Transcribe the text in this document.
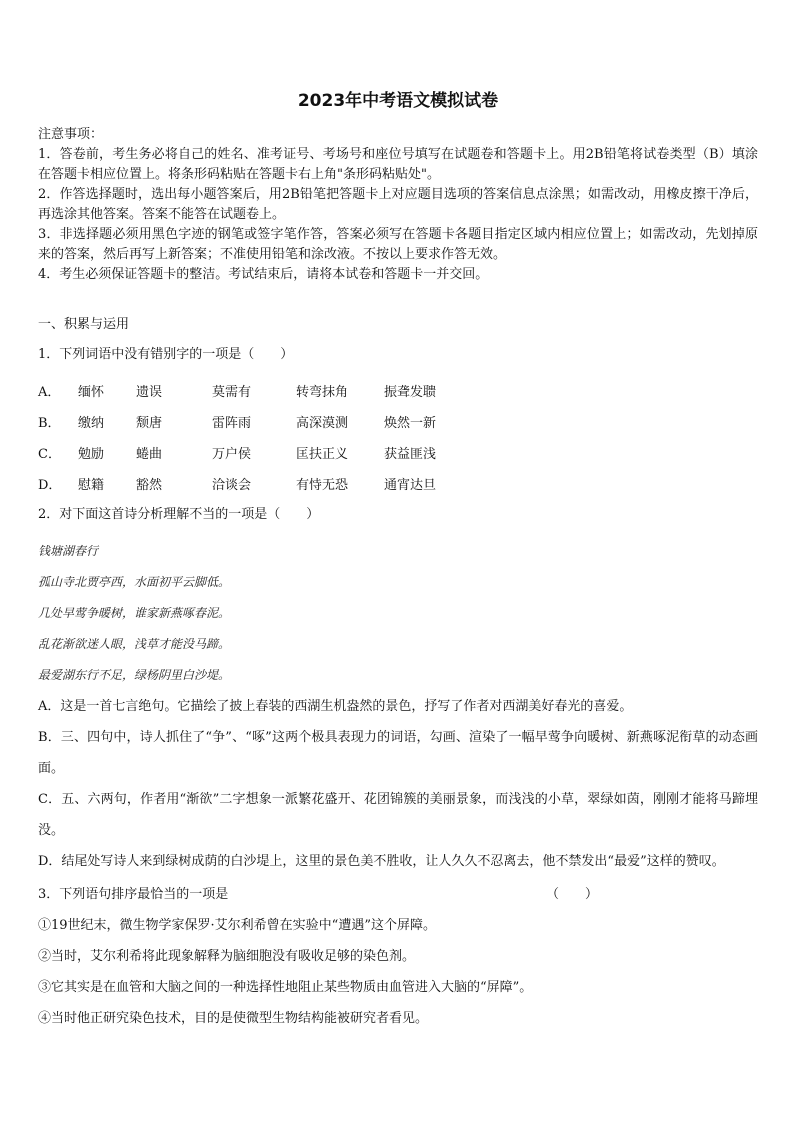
2023年中考语文模拟试卷
注意事项：

1．答卷前，考生务必将自己的姓名、准考证号、考场号和座位号填写在试题卷和答题卡上。用2B铅笔将试卷类型（B）填涂在答题卡相应位置上。将条形码粘贴在答题卡右上角"条形码粘贴处"。

2．作答选择题时，选出每小题答案后，用2B铅笔把答题卡上对应题目选项的答案信息点涂黑；如需改动，用橡皮擦干净后，再选涂其他答案。答案不能答在试题卷上。

3．非选择题必须用黑色字迹的钢笔或签字笔作答，答案必须写在答题卡各题目指定区域内相应位置上；如需改动，先划掉原来的答案，然后再写上新答案；不准使用铅笔和涂改液。不按以上要求作答无效。

4．考生必须保证答题卡的整洁。考试结束后，请将本试卷和答题卡一并交回。

一、积累与运用

1．下列词语中没有错别字的一项是（　　）

A．	缅怀	遗误	莫需有	转弯抹角	振聋发聩
B．	缴纳	颓唐	雷阵雨	高深漠测	焕然一新
C．	勉励	蜷曲	万户侯	匡扶正义	获益匪浅
D．	慰籍	豁然	洽谈会	有恃无恐	通宵达旦

2．对下面这首诗分析理解不当的一项是（　　）

钱塘湖春行

孤山寺北贾亭西，水面初平云脚低。

几处早莺争暖树，谁家新燕啄春泥。

乱花渐欲迷人眼，浅草才能没马蹄。

最爱湖东行不足，绿杨阴里白沙堤。

A．这是一首七言绝句。它描绘了披上春装的西湖生机盎然的景色，抒写了作者对西湖美好春光的喜爱。

B．三、四句中，诗人抓住了“争”、“啄”这两个极具表现力的词语，勾画、渲染了一幅早莺争向暖树、新燕啄泥衔草的动态画面。

C．五、六两句，作者用“渐欲”二字想象一派繁花盛开、花团锦簇的美丽景象，而浅浅的小草，翠绿如茵，刚刚才能将马蹄埋没。

D．结尾处写诗人来到绿树成荫的白沙堤上，这里的景色美不胜收，让人久久不忍离去，他不禁发出“最爱”这样的赞叹。

3．下列语句排序最恰当的一项是	（　　）

①19世纪末，微生物学家保罗·艾尔利希曾在实验中“遭遇”这个屏障。

②当时，艾尔利希将此现象解释为脑细胞没有吸收足够的染色剂。

③它其实是在血管和大脑之间的一种选择性地阻止某些物质由血管进入大脑的“屏障”。

④当时他正研究染色技术，目的是使微型生物结构能被研究者看见。
